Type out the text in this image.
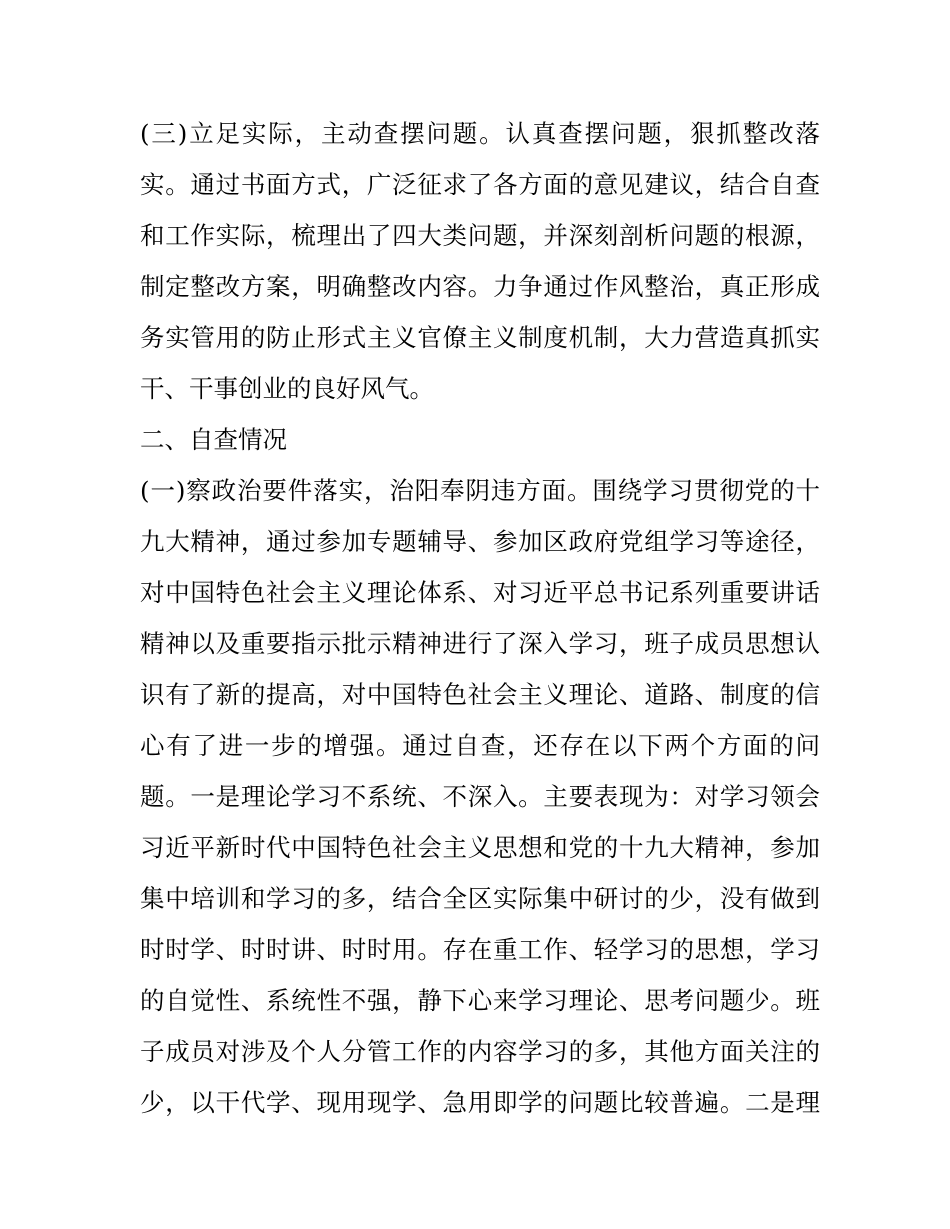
(三)立足实际，主动查摆问题。认真查摆问题，狠抓整改落
实。通过书面方式，广泛征求了各方面的意见建议，结合自查
和工作实际，梳理出了四大类问题，并深刻剖析问题的根源，
制定整改方案，明确整改内容。力争通过作风整治，真正形成
务实管用的防止形式主义官僚主义制度机制，大力营造真抓实
干、干事创业的良好风气。
二、自查情况
(一)察政治要件落实，治阳奉阴违方面。围绕学习贯彻党的十
九大精神，通过参加专题辅导、参加区政府党组学习等途径，
对中国特色社会主义理论体系、对习近平总书记系列重要讲话
精神以及重要指示批示精神进行了深入学习，班子成员思想认
识有了新的提高，对中国特色社会主义理论、道路、制度的信
心有了进一步的增强。通过自查，还存在以下两个方面的问
题。一是理论学习不系统、不深入。主要表现为：对学习领会
习近平新时代中国特色社会主义思想和党的十九大精神，参加
集中培训和学习的多，结合全区实际集中研讨的少，没有做到
时时学、时时讲、时时用。存在重工作、轻学习的思想，学习
的自觉性、系统性不强，静下心来学习理论、思考问题少。班
子成员对涉及个人分管工作的内容学习的多，其他方面关注的
少，以干代学、现用现学、急用即学的问题比较普遍。二是理
